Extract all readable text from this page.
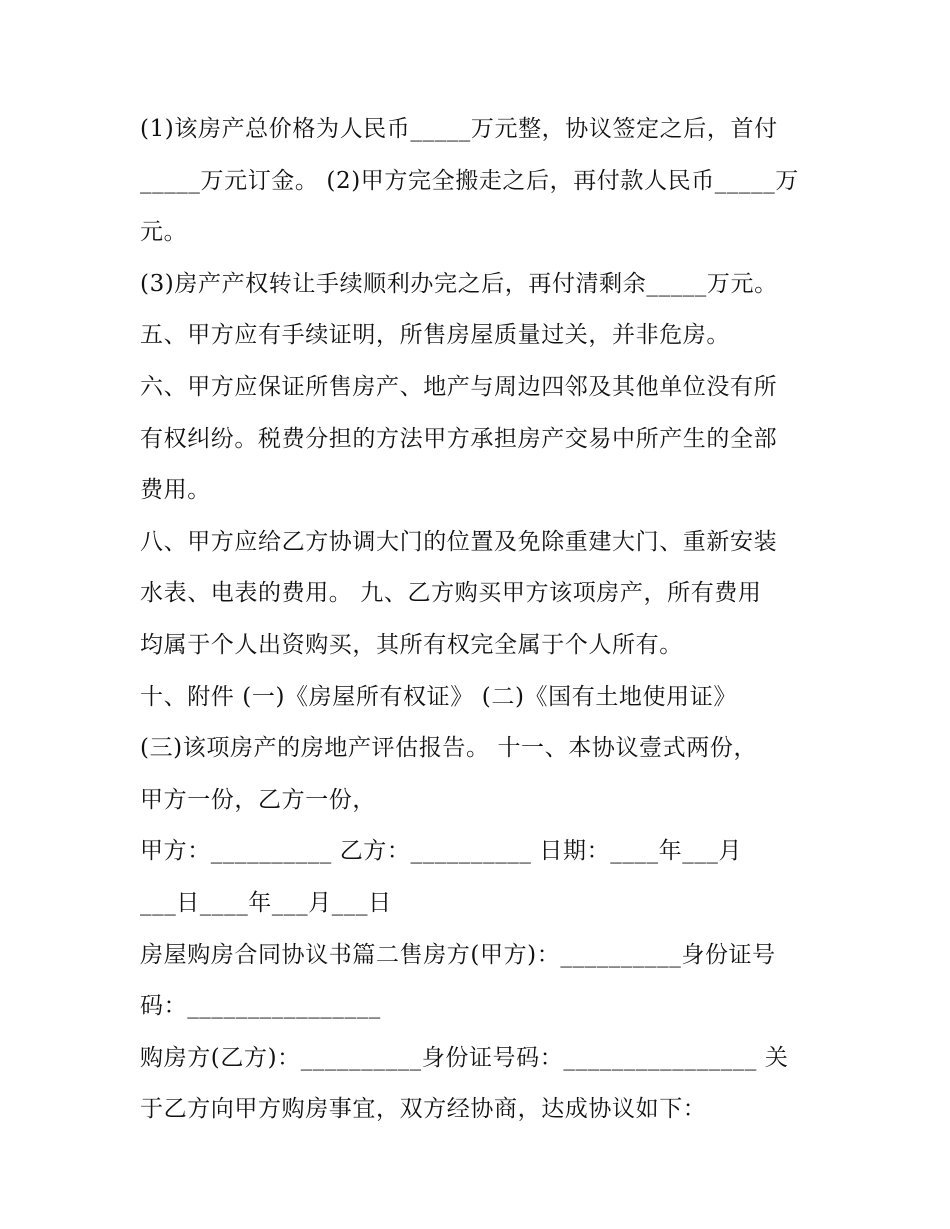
(1)该房产总价格为人民币_____万元整，协议签定之后，首付
_____万元订金。 (2)甲方完全搬走之后，再付款人民币_____万
元。
(3)房产产权转让手续顺利办完之后，再付清剩余_____万元。
五、甲方应有手续证明，所售房屋质量过关，并非危房。
六、甲方应保证所售房产、地产与周边四邻及其他单位没有所
有权纠纷。税费分担的方法甲方承担房产交易中所产生的全部
费用。
八、甲方应给乙方协调大门的位置及免除重建大门、重新安装
水表、电表的费用。 九、乙方购买甲方该项房产，所有费用
均属于个人出资购买，其所有权完全属于个人所有。
十、附件 (一)《房屋所有权证》 (二)《国有土地使用证》
(三)该项房产的房地产评估报告。 十一、本协议壹式两份，
甲方一份，乙方一份，
甲方：__________ 乙方：__________ 日期：____年___月
___日____年___月___日
房屋购房合同协议书篇二售房方(甲方)：__________身份证号
码：________________
购房方(乙方)：__________身份证号码：________________ 关
于乙方向甲方购房事宜，双方经协商，达成协议如下：
